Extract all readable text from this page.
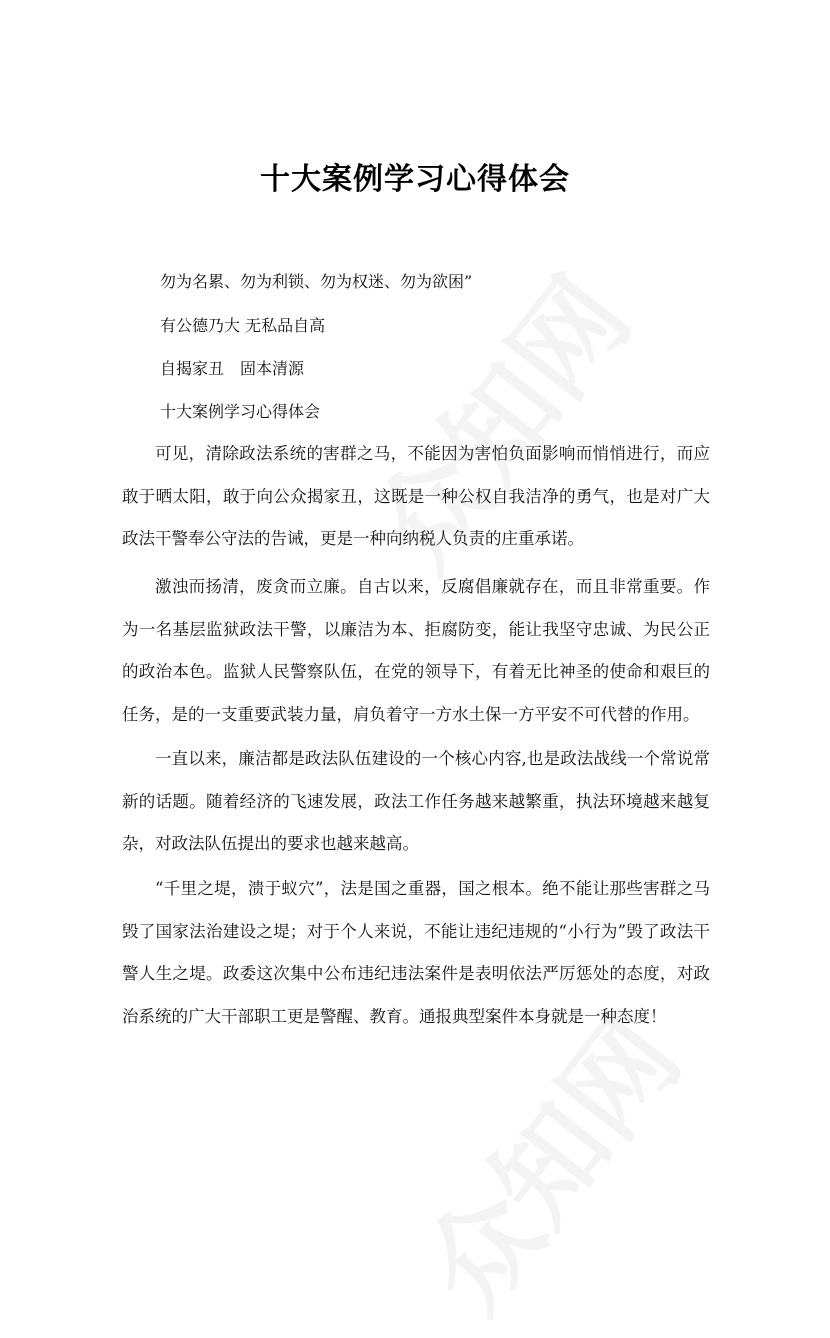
十大案例学习心得体会

勿为名累、勿为利锁、勿为权迷、勿为欲困”

有公德乃大 无私品自高

自揭家丑　固本清源

十大案例学习心得体会

可见，清除政法系统的害群之马，不能因为害怕负面影响而悄悄进行，而应敢于晒太阳，敢于向公众揭家丑，这既是一种公权自我洁净的勇气，也是对广大政法干警奉公守法的告诫，更是一种向纳税人负责的庄重承诺。

激浊而扬清，废贪而立廉。自古以来，反腐倡廉就存在，而且非常重要。作为一名基层监狱政法干警，以廉洁为本、拒腐防变，能让我坚守忠诚、为民公正的政治本色。监狱人民警察队伍，在党的领导下，有着无比神圣的使命和艰巨的任务，是的一支重要武装力量，肩负着守一方水土保一方平安不可代替的作用。

一直以来，廉洁都是政法队伍建设的一个核心内容,也是政法战线一个常说常新的话题。随着经济的飞速发展，政法工作任务越来越繁重，执法环境越来越复杂，对政法队伍提出的要求也越来越高。

“千里之堤，溃于蚁穴”，法是国之重器，国之根本。绝不能让那些害群之马毁了国家法治建设之堤；对于个人来说，不能让违纪违规的“小行为”毁了政法干警人生之堤。政委这次集中公布违纪违法案件是表明依法严厉惩处的态度，对政治系统的广大干部职工更是警醒、教育。通报典型案件本身就是一种态度！
